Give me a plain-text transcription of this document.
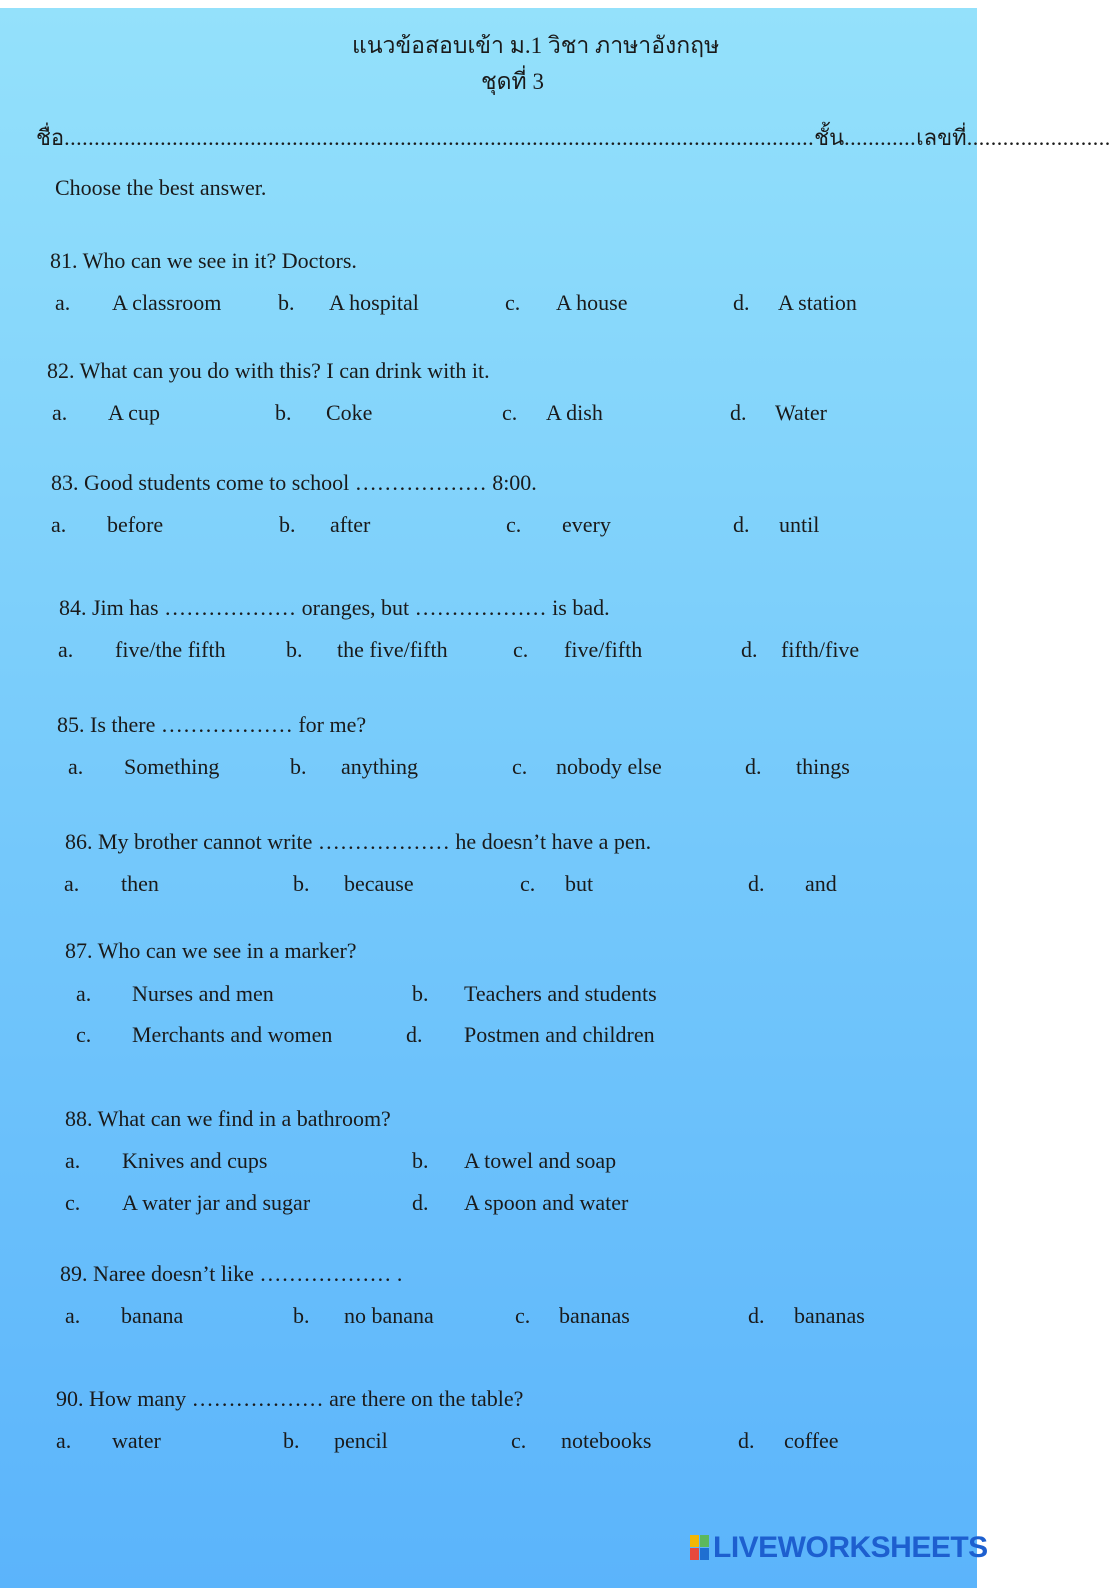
แนวข้อสอบเข้า ม.1 วิชา ภาษาอังกฤษ
ชุดที่ 3
ชื่อ.............................................................................................................................ชั้น............เลขที่........................
Choose the best answer.
81. Who can we see in it? Doctors.
a. A classroom	b. A hospital	c. A house	d. A station
82. What can you do with this? I can drink with it.
a. A cup	b. Coke	c. A dish	d. Water
83. Good students come to school ……………… 8:00.
a. before	b. after	c. every	d. until
84. Jim has ……………… oranges, but ……………… is bad.
a. five/the fifth	b. the five/fifth	c. five/fifth	d. fifth/five
85. Is there ……………… for me?
a. Something	b. anything	c. nobody else	d. things
86. My brother cannot write ……………… he doesn’t have a pen.
a. then	b. because	c. but	d. and
87. Who can we see in a marker?
a. Nurses and men	b. Teachers and students
c. Merchants and women	d. Postmen and children
88. What can we find in a bathroom?
a. Knives and cups	b. A towel and soap
c. A water jar and sugar	d. A spoon and water
89. Naree doesn’t like ……………… .
a. banana	b. no banana	c. bananas	d. bananas
90. How many ……………… are there on the table?
a. water	b. pencil	c. notebooks	d. coffee
LIVEWORKSHEETS
